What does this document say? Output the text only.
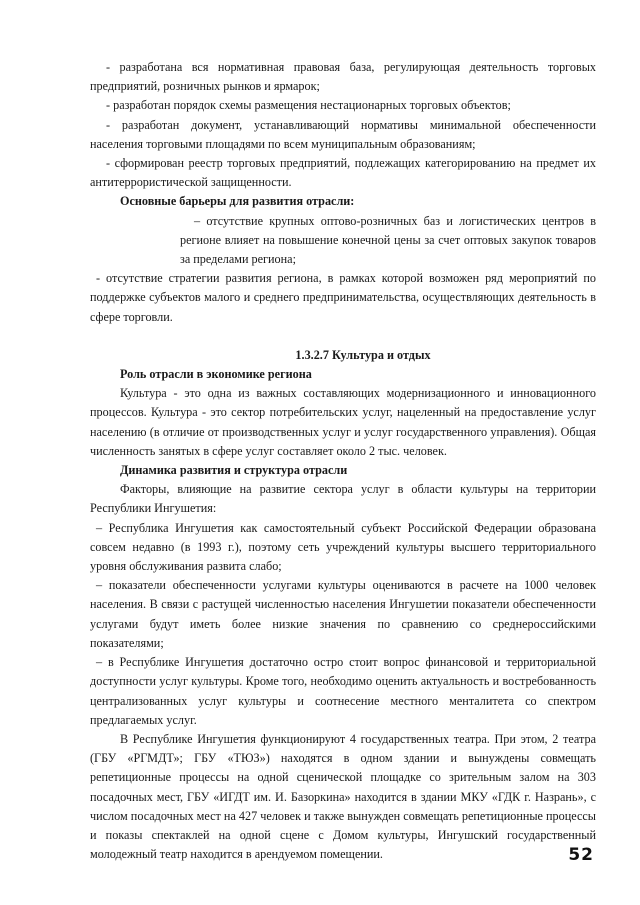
- разработана вся нормативная правовая база, регулирующая деятельность торговых предприятий, розничных рынков и ярмарок;

- разработан порядок схемы размещения нестационарных торговых объектов;

- разработан документ, устанавливающий нормативы минимальной обеспеченности населения торговыми площадями по всем муниципальным образованиям;

- сформирован реестр торговых предприятий, подлежащих категорированию на предмет их антитеррористической защищенности.

Основные барьеры для развития отрасли:

– отсутствие крупных оптово-розничных баз и логистических центров в регионе влияет на повышение конечной цены за счет оптовых закупок товаров за пределами региона;

- отсутствие стратегии развития региона, в рамках которой возможен ряд мероприятий по поддержке субъектов малого и среднего предпринимательства, осуществляющих деятельность в сфере торговли.

1.3.2.7 Культура и отдых

Роль отрасли в экономике региона

Культура - это одна из важных составляющих модернизационного и инновационного процессов. Культура - это сектор потребительских услуг, нацеленный на предоставление услуг населению (в отличие от производственных услуг и услуг государственного управления). Общая численность занятых в сфере услуг составляет около 2 тыс. человек.

Динамика развития и структура отрасли

Факторы, влияющие на развитие сектора услуг в области культуры на территории Республики Ингушетия:

– Республика Ингушетия как самостоятельный субъект Российской Федерации образована совсем недавно (в 1993 г.), поэтому сеть учреждений культуры высшего территориального уровня обслуживания развита слабо;

– показатели обеспеченности услугами культуры оцениваются в расчете на 1000 человек населения. В связи с растущей численностью населения Ингушетии показатели обеспеченности услугами будут иметь более низкие значения по сравнению со среднероссийскими показателями;

– в Республике Ингушетия достаточно остро стоит вопрос финансовой и территориальной доступности услуг культуры. Кроме того, необходимо оценить актуальность и востребованность централизованных услуг культуры и соотнесение местного менталитета со спектром предлагаемых услуг.

В Республике Ингушетия функционируют 4 государственных театра. При этом, 2 театра (ГБУ «РГМДТ»; ГБУ «ТЮЗ») находятся в одном здании и вынуждены совмещать репетиционные процессы на одной сценической площадке со зрительным залом на 303 посадочных мест, ГБУ «ИГДТ им. И. Базоркина» находится в здании МКУ «ГДК г. Назрань», с числом посадочных мест на 427 человек и также вынужден совмещать репетиционные процессы и показы спектаклей на одной сцене с Домом культуры, Ингушский государственный молодежный театр находится в арендуемом помещении.	52
